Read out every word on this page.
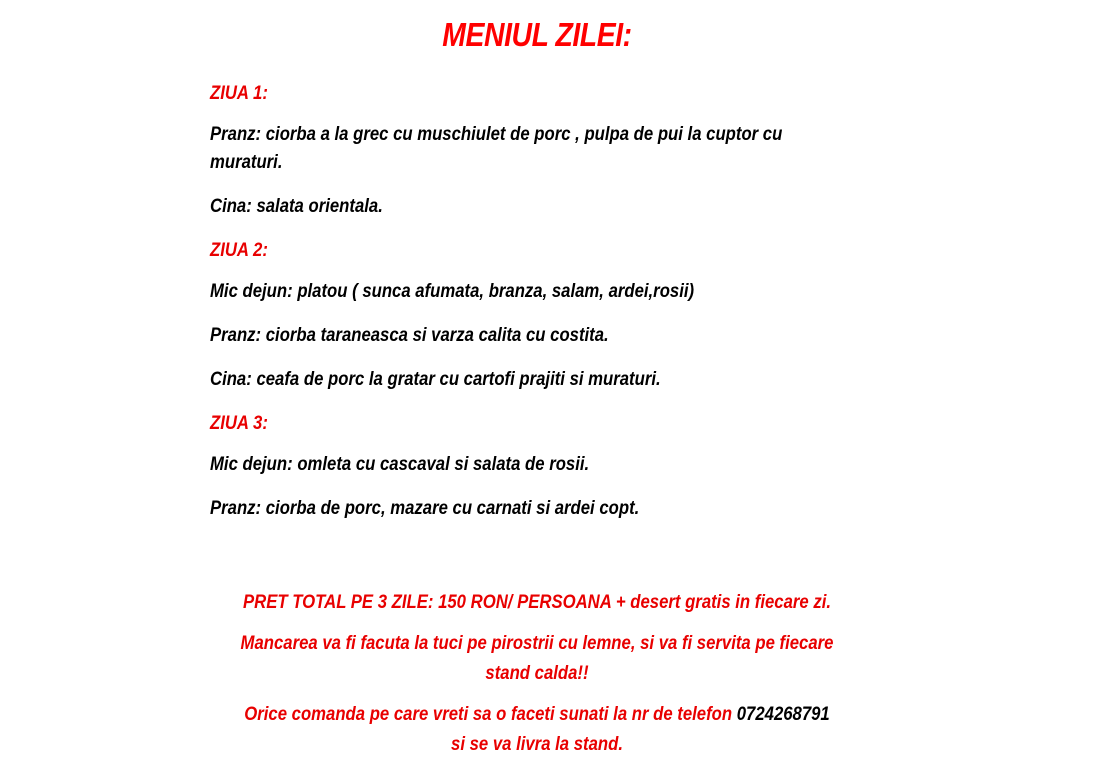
MENIUL ZILEI:

ZIUA 1:

Pranz: ciorba a la grec cu muschiulet de porc , pulpa de pui la cuptor cu muraturi.

Cina: salata orientala.

ZIUA 2:

Mic dejun: platou ( sunca afumata, branza, salam, ardei,rosii)

Pranz: ciorba taraneasca si varza calita cu costita.

Cina: ceafa de porc la gratar cu cartofi prajiti si muraturi.

ZIUA 3:

Mic dejun: omleta cu cascaval si salata de rosii.

Pranz: ciorba de porc, mazare cu carnati si ardei copt.

PRET TOTAL PE 3 ZILE: 150 RON/ PERSOANA + desert gratis in fiecare zi.

Mancarea va fi facuta la tuci pe pirostrii cu lemne, si va fi servita pe fiecare
stand calda!!

Orice comanda pe care vreti sa o faceti sunati la nr de telefon 0724268791
si se va livra la stand.
